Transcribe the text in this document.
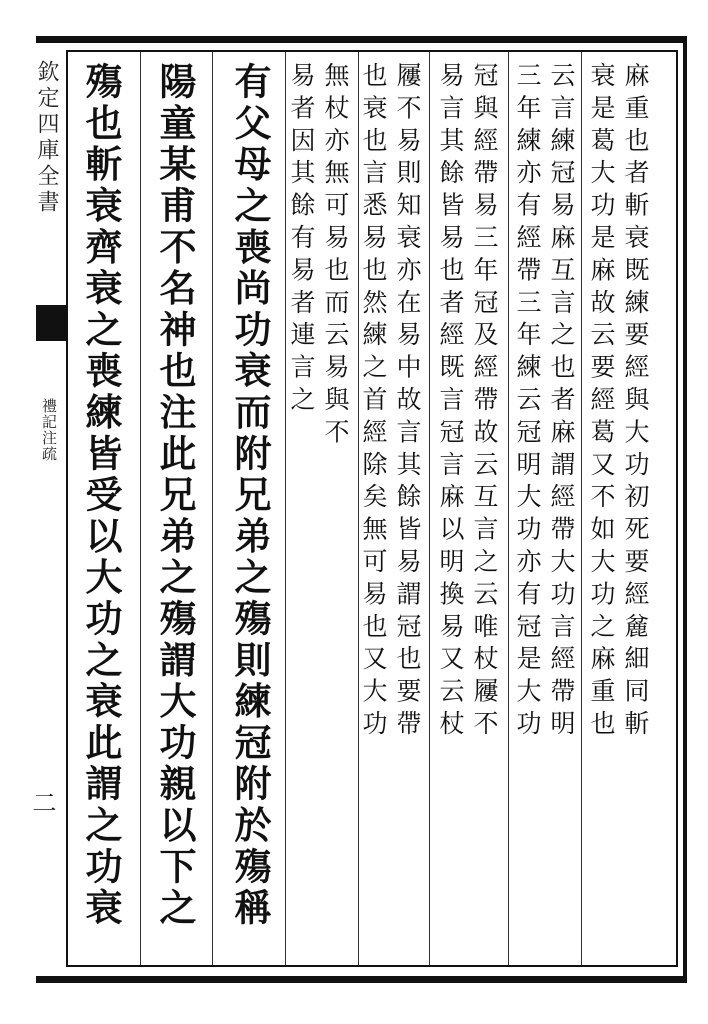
欽定四庫全書
禮記注疏
二
麻重也者斬衰既練要經與大功初死要經麄細同斬
衰是葛大功是麻故云要經葛又不如大功之麻重也
云言練冠易麻互言之也者麻謂經帶大功言經帶明
三年練亦有經帶三年練云冠明大功亦有冠是大功
冠與經帶易三年冠及經帶故云互言之云唯杖屨不
易言其餘皆易也者經既言冠言麻以明換易又云杖
屨不易則知衰亦在易中故言其餘皆易謂冠也要帶
也衰也言悉易也然練之首經除矣無可易也又大功
無杖亦無可易也而云易與不
易者因其餘有易者連言之
有父母之喪尚功衰而附兄弟之殤則練冠附於殤稱
陽童某甫不名神也注此兄弟之殤謂大功親以下之
殤也斬衰齊衰之喪練皆受以大功之衰此謂之功衰
